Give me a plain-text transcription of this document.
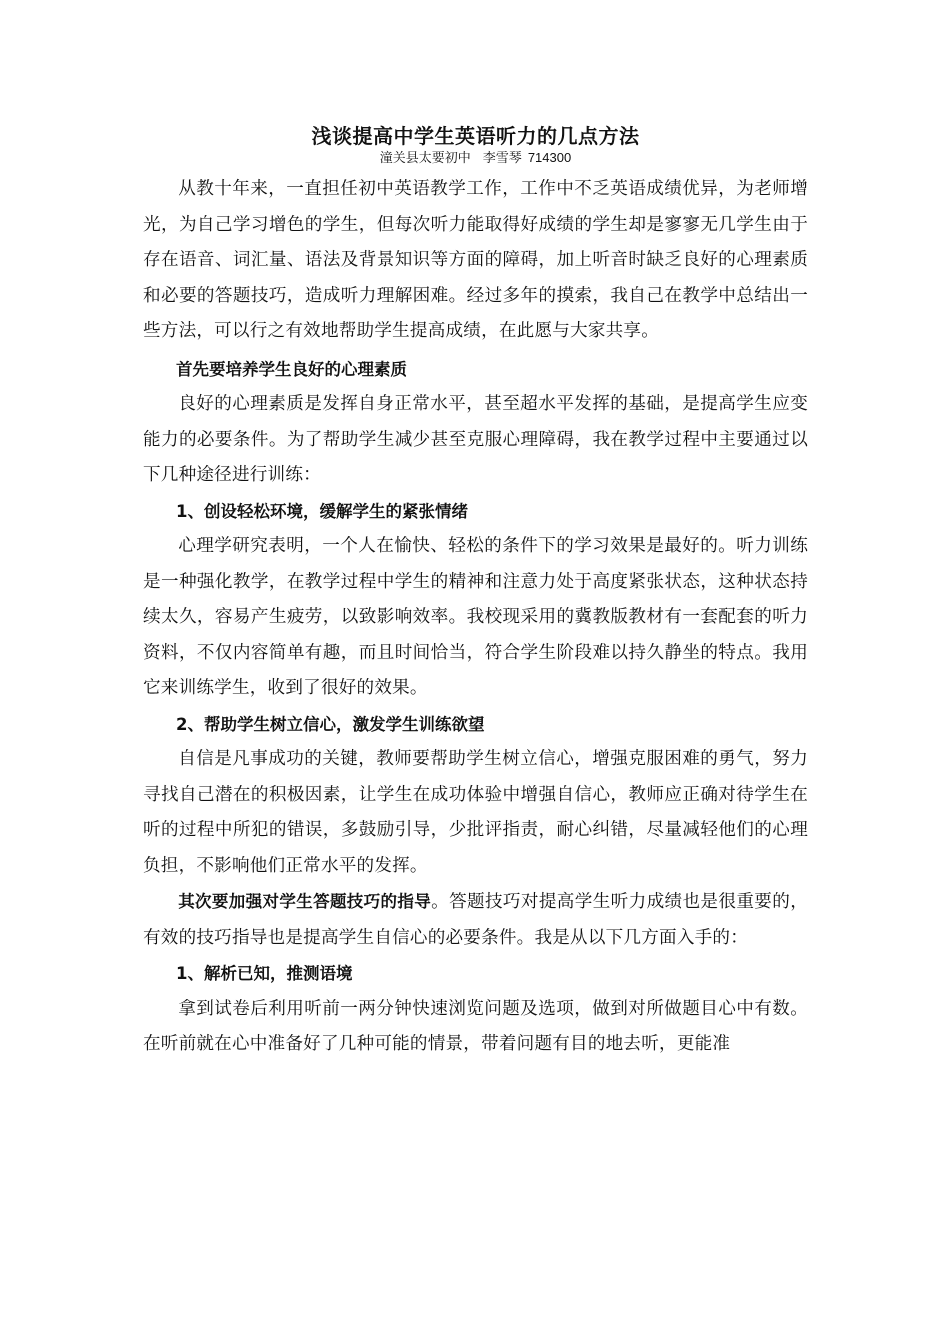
浅谈提高中学生英语听力的几点方法
潼关县太要初中 李雪琴 714300

从教十年来，一直担任初中英语教学工作，工作中不乏英语成绩优异，为老师增光，为自己学习增色的学生，但每次听力能取得好成绩的学生却是寥寥无几学生由于存在语音、词汇量、语法及背景知识等方面的障碍，加上听音时缺乏良好的心理素质和必要的答题技巧，造成听力理解困难。经过多年的摸索，我自己在教学中总结出一些方法，可以行之有效地帮助学生提高成绩，在此愿与大家共享。

首先要培养学生良好的心理素质

良好的心理素质是发挥自身正常水平，甚至超水平发挥的基础，是提高学生应变能力的必要条件。为了帮助学生减少甚至克服心理障碍，我在教学过程中主要通过以下几种途径进行训练：

1、创设轻松环境，缓解学生的紧张情绪

心理学研究表明，一个人在愉快、轻松的条件下的学习效果是最好的。听力训练是一种强化教学，在教学过程中学生的精神和注意力处于高度紧张状态，这种状态持续太久，容易产生疲劳，以致影响效率。我校现采用的冀教版教材有一套配套的听力资料，不仅内容简单有趣，而且时间恰当，符合学生阶段难以持久静坐的特点。我用它来训练学生，收到了很好的效果。

2、帮助学生树立信心，激发学生训练欲望

自信是凡事成功的关键，教师要帮助学生树立信心，增强克服困难的勇气，努力寻找自己潜在的积极因素，让学生在成功体验中增强自信心，教师应正确对待学生在听的过程中所犯的错误，多鼓励引导，少批评指责，耐心纠错，尽量减轻他们的心理负担，不影响他们正常水平的发挥。

其次要加强对学生答题技巧的指导。答题技巧对提高学生听力成绩也是很重要的，有效的技巧指导也是提高学生自信心的必要条件。我是从以下几方面入手的：

1、解析已知，推测语境

拿到试卷后利用听前一两分钟快速浏览问题及选项，做到对所做题目心中有数。在听前就在心中准备好了几种可能的情景，带着问题有目的地去听，更能准
